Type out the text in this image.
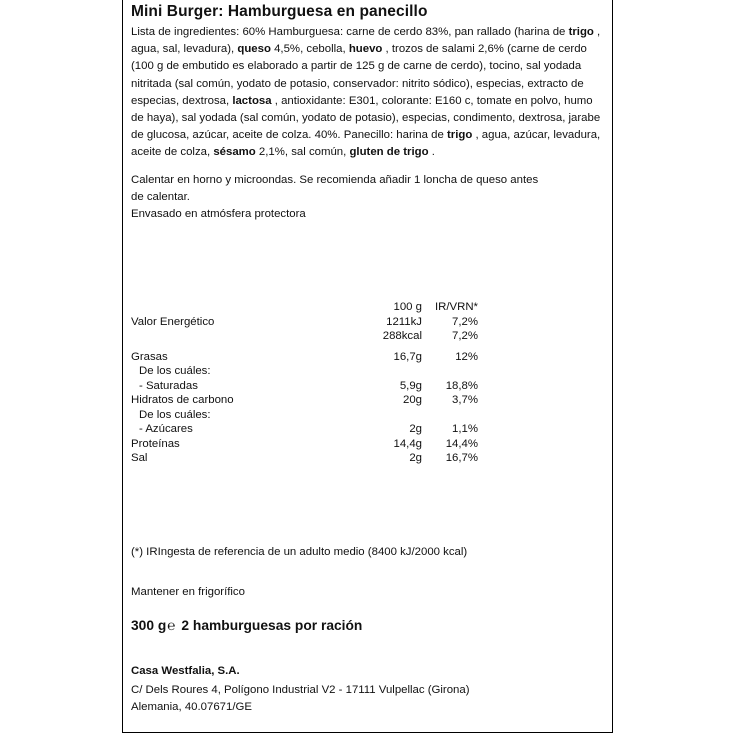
Mini Burger: Hamburguesa en panecillo
Lista de ingredientes: 60% Hamburguesa: carne de cerdo 83%, pan rallado (harina de trigo , agua, sal, levadura), queso 4,5%, cebolla, huevo , trozos de salami 2,6% (carne de cerdo (100 g de embutido es elaborado a partir de 125 g de carne de cerdo), tocino, sal yodada nitritada (sal común, yodato de potasio, conservador: nitrito sódico), especias, extracto de especias, dextrosa, lactosa , antioxidante: E301, colorante: E160 c, tomate en polvo, humo de haya), sal yodada (sal común, yodato de potasio), especias, condimento, dextrosa, jarabe de glucosa, azúcar, aceite de colza. 40%. Panecillo: harina de trigo , agua, azúcar, levadura, aceite de colza, sésamo 2,1%, sal común, gluten de trigo .
Calentar en horno y microondas. Se recomienda añadir 1 loncha de queso antes
de calentar.
Envasado en atmósfera protectora
	100 g	IR/VRN*
Valor Energético	1211kJ	7,2%
	288kcal	7,2%

Grasas	16,7g	12%
De los cuáles:		
- Saturadas	5,9g	18,8%
Hidratos de carbono	20g	3,7%
De los cuáles:		
- Azúcares	2g	1,1%
Proteínas	14,4g	14,4%
Sal	2g	16,7%
(*) IRIngesta de referencia de un adulto medio (8400 kJ/2000 kcal)
Mantener en frigorífico
300 g℮ 2 hamburguesas por ración
Casa Westfalia, S.A.
C/ Dels Roures 4, Polígono Industrial V2 - 17111 Vulpellac (Girona)
Alemania, 40.07671/GE
